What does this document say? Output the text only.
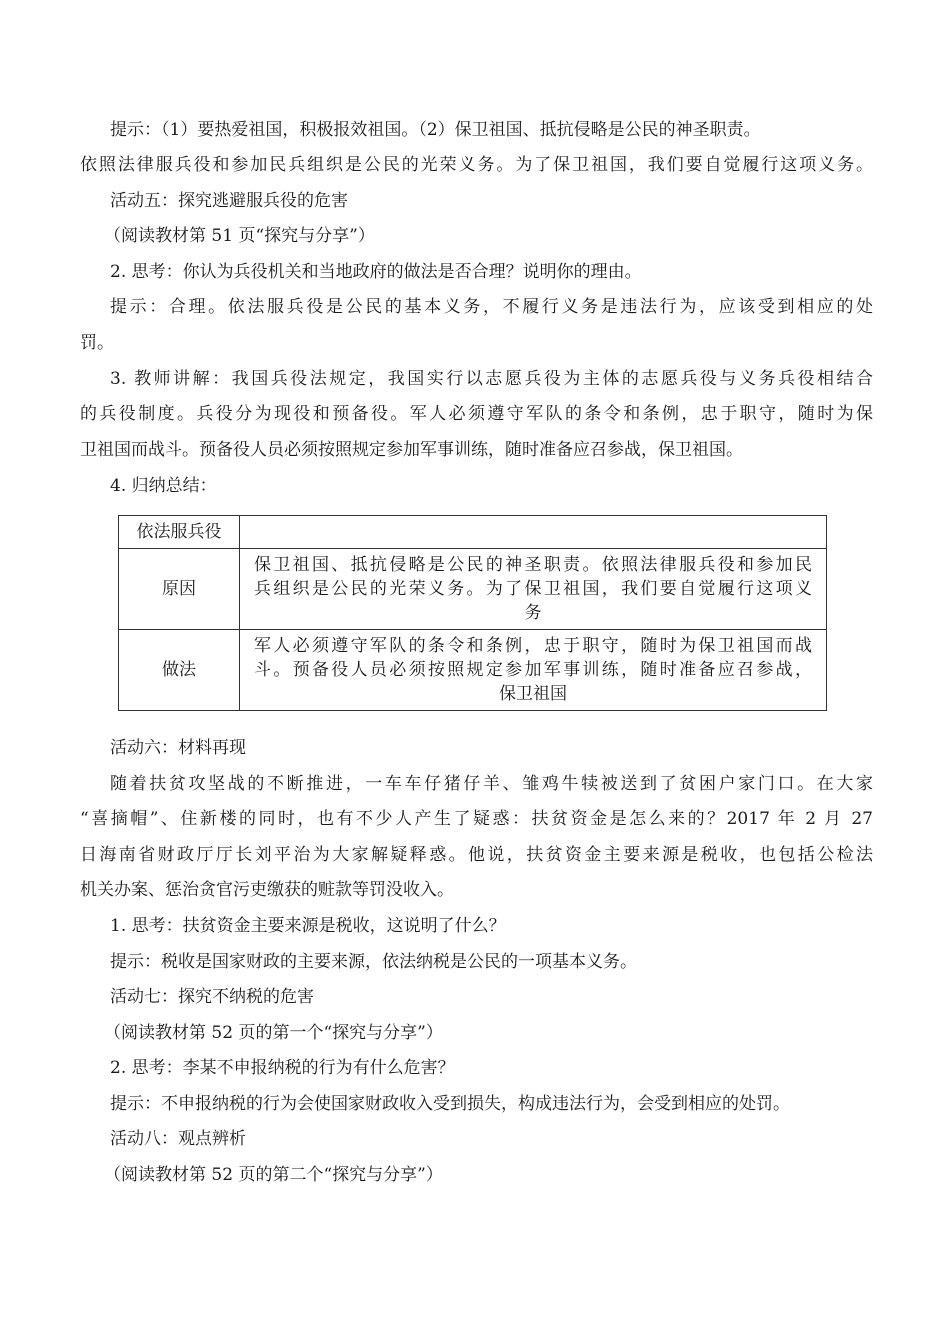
提示：（1）要热爱祖国，积极报效祖国。（2）保卫祖国、抵抗侵略是公民的神圣职责。
依照法律服兵役和参加民兵组织是公民的光荣义务。为了保卫祖国，我们要自觉履行这项义务。
活动五：探究逃避服兵役的危害
（阅读教材第 51 页“探究与分享”）
2. 思考：你认为兵役机关和当地政府的做法是否合理？说明你的理由。
提示：合理。依法服兵役是公民的基本义务，不履行义务是违法行为，应该受到相应的处
罚。
3. 教师讲解：我国兵役法规定，我国实行以志愿兵役为主体的志愿兵役与义务兵役相结合
的兵役制度。兵役分为现役和预备役。军人必须遵守军队的条令和条例，忠于职守，随时为保
卫祖国而战斗。预备役人员必须按照规定参加军事训练，随时准备应召参战，保卫祖国。
4. 归纳总结：
依法服兵役	
原因	保卫祖国、抵抗侵略是公民的神圣职责。依照法律服兵役和参加民
兵组织是公民的光荣义务。为了保卫祖国，我们要自觉履行这项义
务

做法	军人必须遵守军队的条令和条例，忠于职守，随时为保卫祖国而战
斗。预备役人员必须按照规定参加军事训练，随时准备应召参战，
保卫祖国
活动六：材料再现
随着扶贫攻坚战的不断推进，一车车仔猪仔羊、雏鸡牛犊被送到了贫困户家门口。在大家
“喜摘帽”、住新楼的同时，也有不少人产生了疑惑：扶贫资金是怎么来的？2017 年 2 月 27
日海南省财政厅厅长刘平治为大家解疑释惑。他说，扶贫资金主要来源是税收，也包括公检法
机关办案、惩治贪官污吏缴获的赃款等罚没收入。
1. 思考：扶贫资金主要来源是税收，这说明了什么？
提示：税收是国家财政的主要来源，依法纳税是公民的一项基本义务。
活动七：探究不纳税的危害
（阅读教材第 52 页的第一个“探究与分享”）
2. 思考：李某不申报纳税的行为有什么危害？
提示：不申报纳税的行为会使国家财政收入受到损失，构成违法行为，会受到相应的处罚。
活动八：观点辨析
（阅读教材第 52 页的第二个“探究与分享”）
